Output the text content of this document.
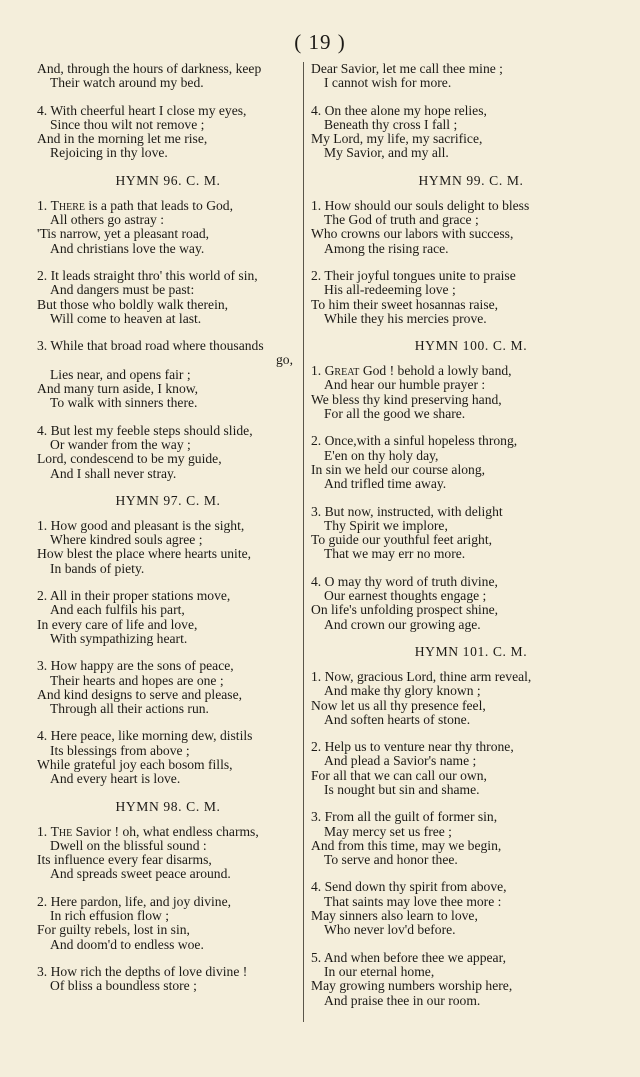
( 19 )
And, through the hours of darkness, keep
Their watch around my bed.
4. With cheerful heart I close my eyes,
Since thou wilt not remove ;
And in the morning let me rise,
Rejoicing in thy love.
HYMN 96. C. M.
1. There is a path that leads to God,
All others go astray :
'Tis narrow, yet a pleasant road,
And christians love the way.
2. It leads straight thro' this world of sin,
And dangers must be past:
But those who boldly walk therein,
Will come to heaven at last.
3. While that broad road where thousands
go,
Lies near, and opens fair ;
And many turn aside, I know,
To walk with sinners there.
4. But lest my feeble steps should slide,
Or wander from the way ;
Lord, condescend to be my guide,
And I shall never stray.
HYMN 97. C. M.
1. How good and pleasant is the sight,
Where kindred souls agree ;
How blest the place where hearts unite,
In bands of piety.
2. All in their proper stations move,
And each fulfils his part,
In every care of life and love,
With sympathizing heart.
3. How happy are the sons of peace,
Their hearts and hopes are one ;
And kind designs to serve and please,
Through all their actions run.
4. Here peace, like morning dew, distils
Its blessings from above ;
While grateful joy each bosom fills,
And every heart is love.
HYMN 98. C. M.
1. The Savior ! oh, what endless charms,
Dwell on the blissful sound :
Its influence every fear disarms,
And spreads sweet peace around.
2. Here pardon, life, and joy divine,
In rich effusion flow ;
For guilty rebels, lost in sin,
And doom'd to endless woe.
3. How rich the depths of love divine !
Of bliss a boundless store ;
Dear Savior, let me call thee mine ;
I cannot wish for more.
4. On thee alone my hope relies,
Beneath thy cross I fall ;
My Lord, my life, my sacrifice,
My Savior, and my all.
HYMN 99. C. M.
1. How should our souls delight to bless
The God of truth and grace ;
Who crowns our labors with success,
Among the rising race.
2. Their joyful tongues unite to praise
His all-redeeming love ;
To him their sweet hosannas raise,
While they his mercies prove.
HYMN 100. C. M.
1. Great God ! behold a lowly band,
And hear our humble prayer :
We bless thy kind preserving hand,
For all the good we share.
2. Once,with a sinful hopeless throng,
E'en on thy holy day,
In sin we held our course along,
And trifled time away.
3. But now, instructed, with delight
Thy Spirit we implore,
To guide our youthful feet aright,
That we may err no more.
4. O may thy word of truth divine,
Our earnest thoughts engage ;
On life's unfolding prospect shine,
And crown our growing age.
HYMN 101. C. M.
1. Now, gracious Lord, thine arm reveal,
And make thy glory known ;
Now let us all thy presence feel,
And soften hearts of stone.
2. Help us to venture near thy throne,
And plead a Savior's name ;
For all that we can call our own,
Is nought but sin and shame.
3. From all the guilt of former sin,
May mercy set us free ;
And from this time, may we begin,
To serve and honor thee.
4. Send down thy spirit from above,
That saints may love thee more :
May sinners also learn to love,
Who never lov'd before.
5. And when before thee we appear,
In our eternal home,
May growing numbers worship here,
And praise thee in our room.
